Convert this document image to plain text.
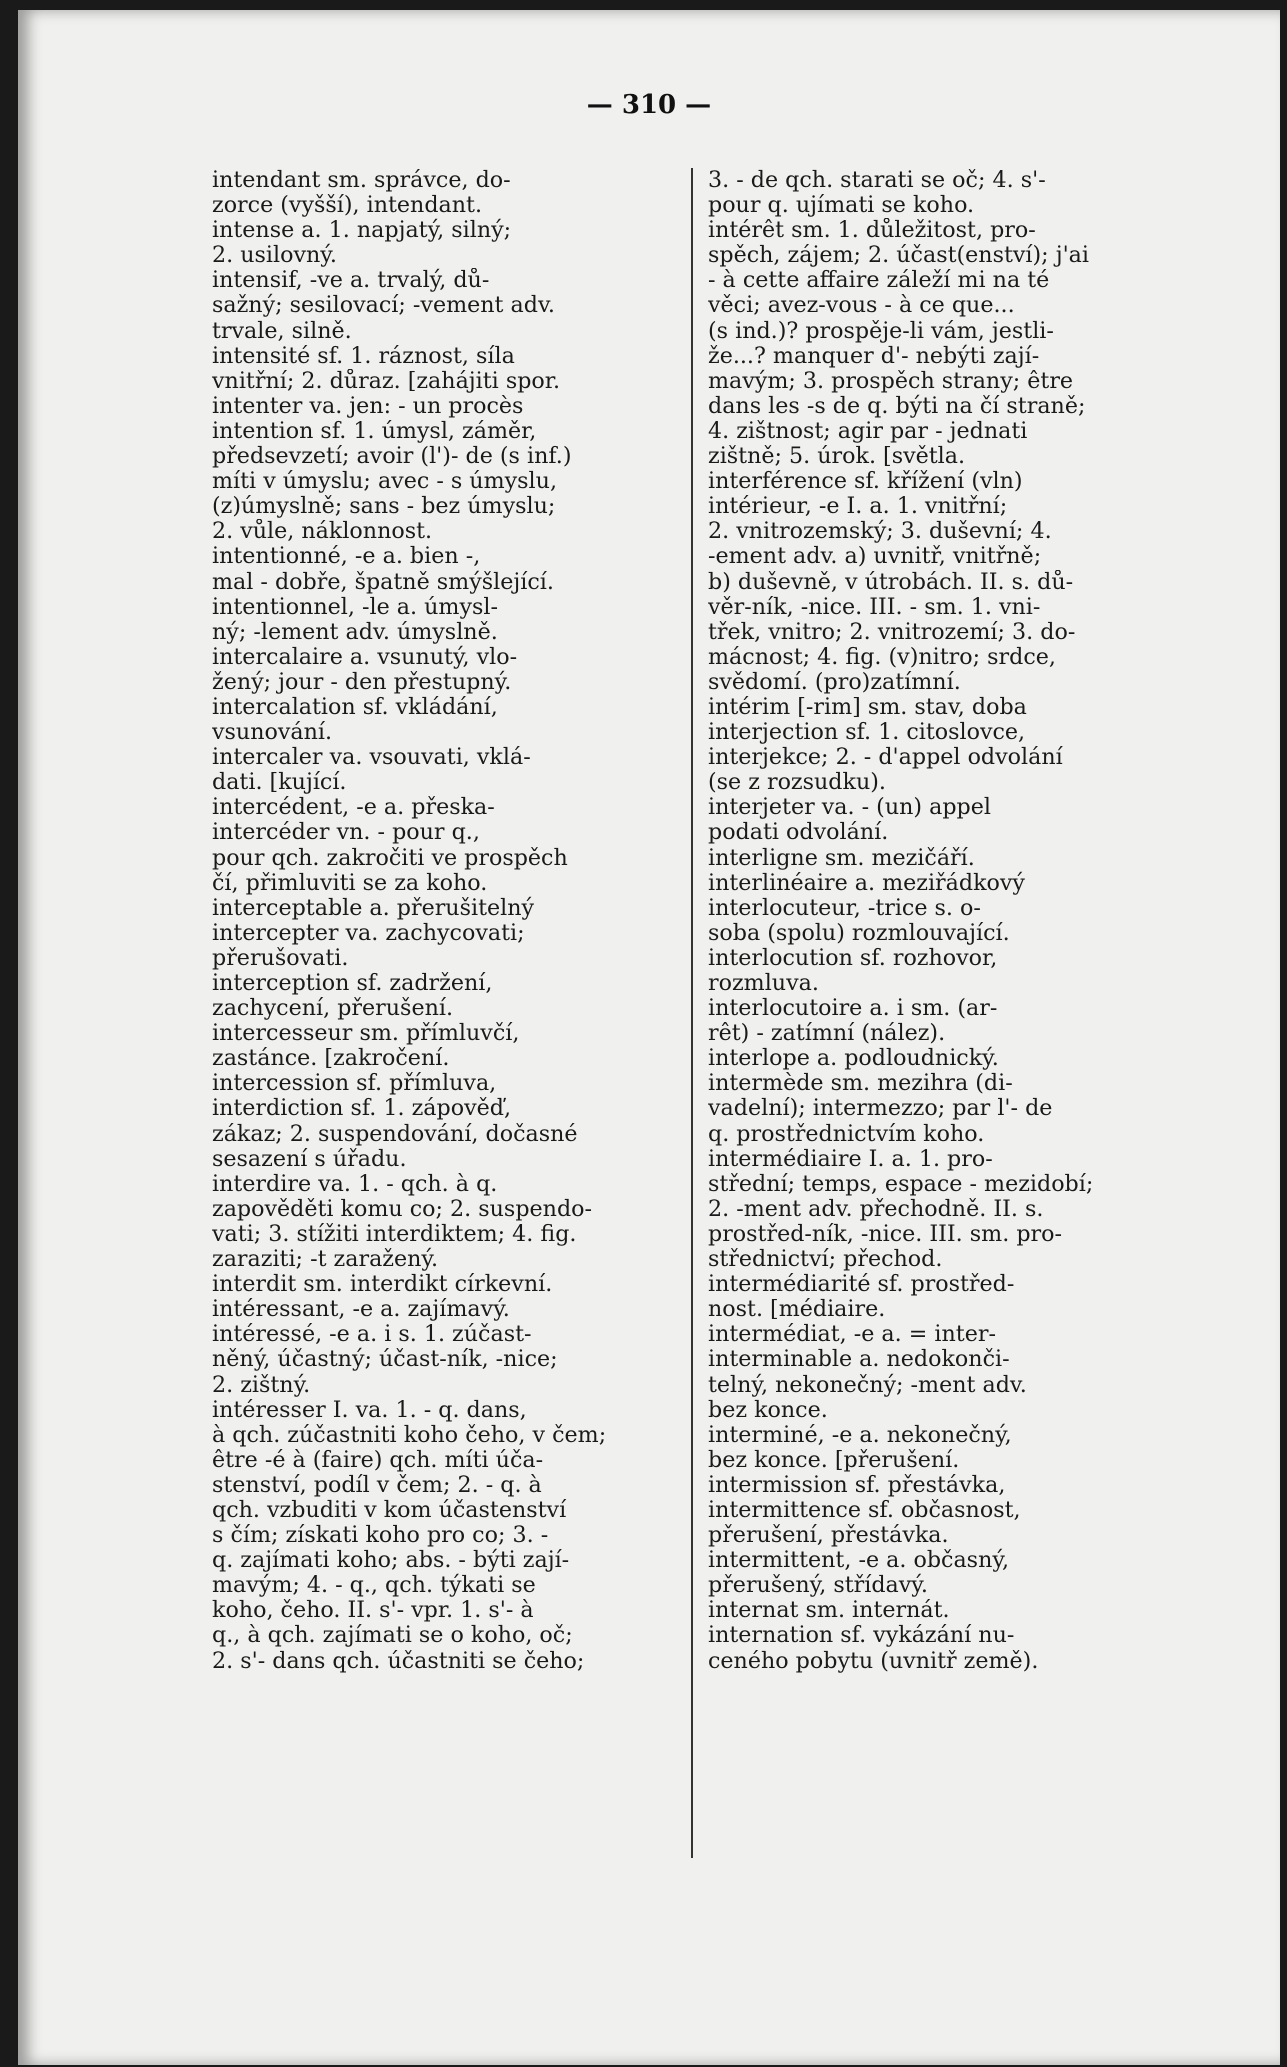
— 310 —
intendant sm. správce, do-
zorce (vyšší), intendant.
intense a. 1. napjatý, silný;
2. usilovný.
intensif, -ve a. trvalý, dů-
sažný; sesilovací; -vement adv.
trvale, silně.
intensité sf. 1. ráznost, síla
vnitřní; 2. důraz. [zahájiti spor.
intenter va. jen: - un procès
intention sf. 1. úmysl, záměr,
předsevzetí; avoir (l')- de (s inf.)
míti v úmyslu; avec - s úmyslu,
(z)úmyslně; sans - bez úmyslu;
2. vůle, náklonnost.
intentionné, -e a. bien -,
mal - dobře, špatně smýšlející.
intentionnel, -le a. úmysl-
ný; -lement adv. úmyslně.
intercalaire a. vsunutý, vlo-
žený; jour - den přestupný.
intercalation sf. vkládání,
vsunování.
intercaler va. vsouvati, vklá-
dati. [kující.
intercédent, -e a. přeska-
intercéder vn. - pour q.,
pour qch. zakročiti ve prospěch
čí, přimluviti se za koho.
interceptable a. přerušitelný
intercepter va. zachycovati;
přerušovati.
interception sf. zadržení,
zachycení, přerušení.
intercesseur sm. přímluvčí,
zastánce. [zakročení.
intercession sf. přímluva,
interdiction sf. 1. zápověď,
zákaz; 2. suspendování, dočasné
sesazení s úřadu.
interdire va. 1. - qch. à q.
zapověděti komu co; 2. suspendo-
vati; 3. stížiti interdiktem; 4. fig.
zaraziti; -t zaražený.
interdit sm. interdikt církevní.
intéressant, -e a. zajímavý.
intéressé, -e a. i s. 1. zúčast-
něný, účastný; účast-ník, -nice;
2. zištný.
intéresser I. va. 1. - q. dans,
à qch. zúčastniti koho čeho, v čem;
être -é à (faire) qch. míti úča-
stenství, podíl v čem; 2. - q. à
qch. vzbuditi v kom účastenství
s čím; získati koho pro co; 3. -
q. zajímati koho; abs. - býti zají-
mavým; 4. - q., qch. týkati se
koho, čeho. II. s'- vpr. 1. s'- à
q., à qch. zajímati se o koho, oč;
2. s'- dans qch. účastniti se čeho;
3. - de qch. starati se oč; 4. s'-
pour q. ujímati se koho.
intérêt sm. 1. důležitost, pro-
spěch, zájem; 2. účast(enství); j'ai
- à cette affaire záleží mi na té
věci; avez-vous - à ce que...
(s ind.)? prospěje-li vám, jestli-
že...? manquer d'- nebýti zají-
mavým; 3. prospěch strany; être
dans les -s de q. býti na čí straně;
4. zištnost; agir par - jednati
zištně; 5. úrok. [světla.
interférence sf. křížení (vln)
intérieur, -e I. a. 1. vnitřní;
2. vnitrozemský; 3. duševní; 4.
-ement adv. a) uvnitř, vnitřně;
b) duševně, v útrobách. II. s. dů-
věr-ník, -nice. III. - sm. 1. vni-
třek, vnitro; 2. vnitrozemí; 3. do-
mácnost; 4. fig. (v)nitro; srdce,
svědomí. (pro)zatímní.
intérim [-rim] sm. stav, doba
interjection sf. 1. citoslovce,
interjekce; 2. - d'appel odvolání
(se z rozsudku).
interjeter va. - (un) appel
podati odvolání.
interligne sm. mezičáří.
interlinéaire a. meziřádkový
interlocuteur, -trice s. o-
soba (spolu) rozmlouvající.
interlocution sf. rozhovor,
rozmluva.
interlocutoire a. i sm. (ar-
rêt) - zatímní (nález).
interlope a. podloudnický.
intermède sm. mezihra (di-
vadelní); intermezzo; par l'- de
q. prostřednictvím koho.
intermédiaire I. a. 1. pro-
střední; temps, espace - mezidobí;
2. -ment adv. přechodně. II. s.
prostřed-ník, -nice. III. sm. pro-
střednictví; přechod.
intermédiarité sf. prostřed-
nost. [médiaire.
intermédiat, -e a. = inter-
interminable a. nedokonči-
telný, nekonečný; -ment adv.
bez konce.
interminé, -e a. nekonečný,
bez konce. [přerušení.
intermission sf. přestávka,
intermittence sf. občasnost,
přerušení, přestávka.
intermittent, -e a. občasný,
přerušený, střídavý.
internat sm. internát.
internation sf. vykázání nu-
ceného pobytu (uvnitř země).
